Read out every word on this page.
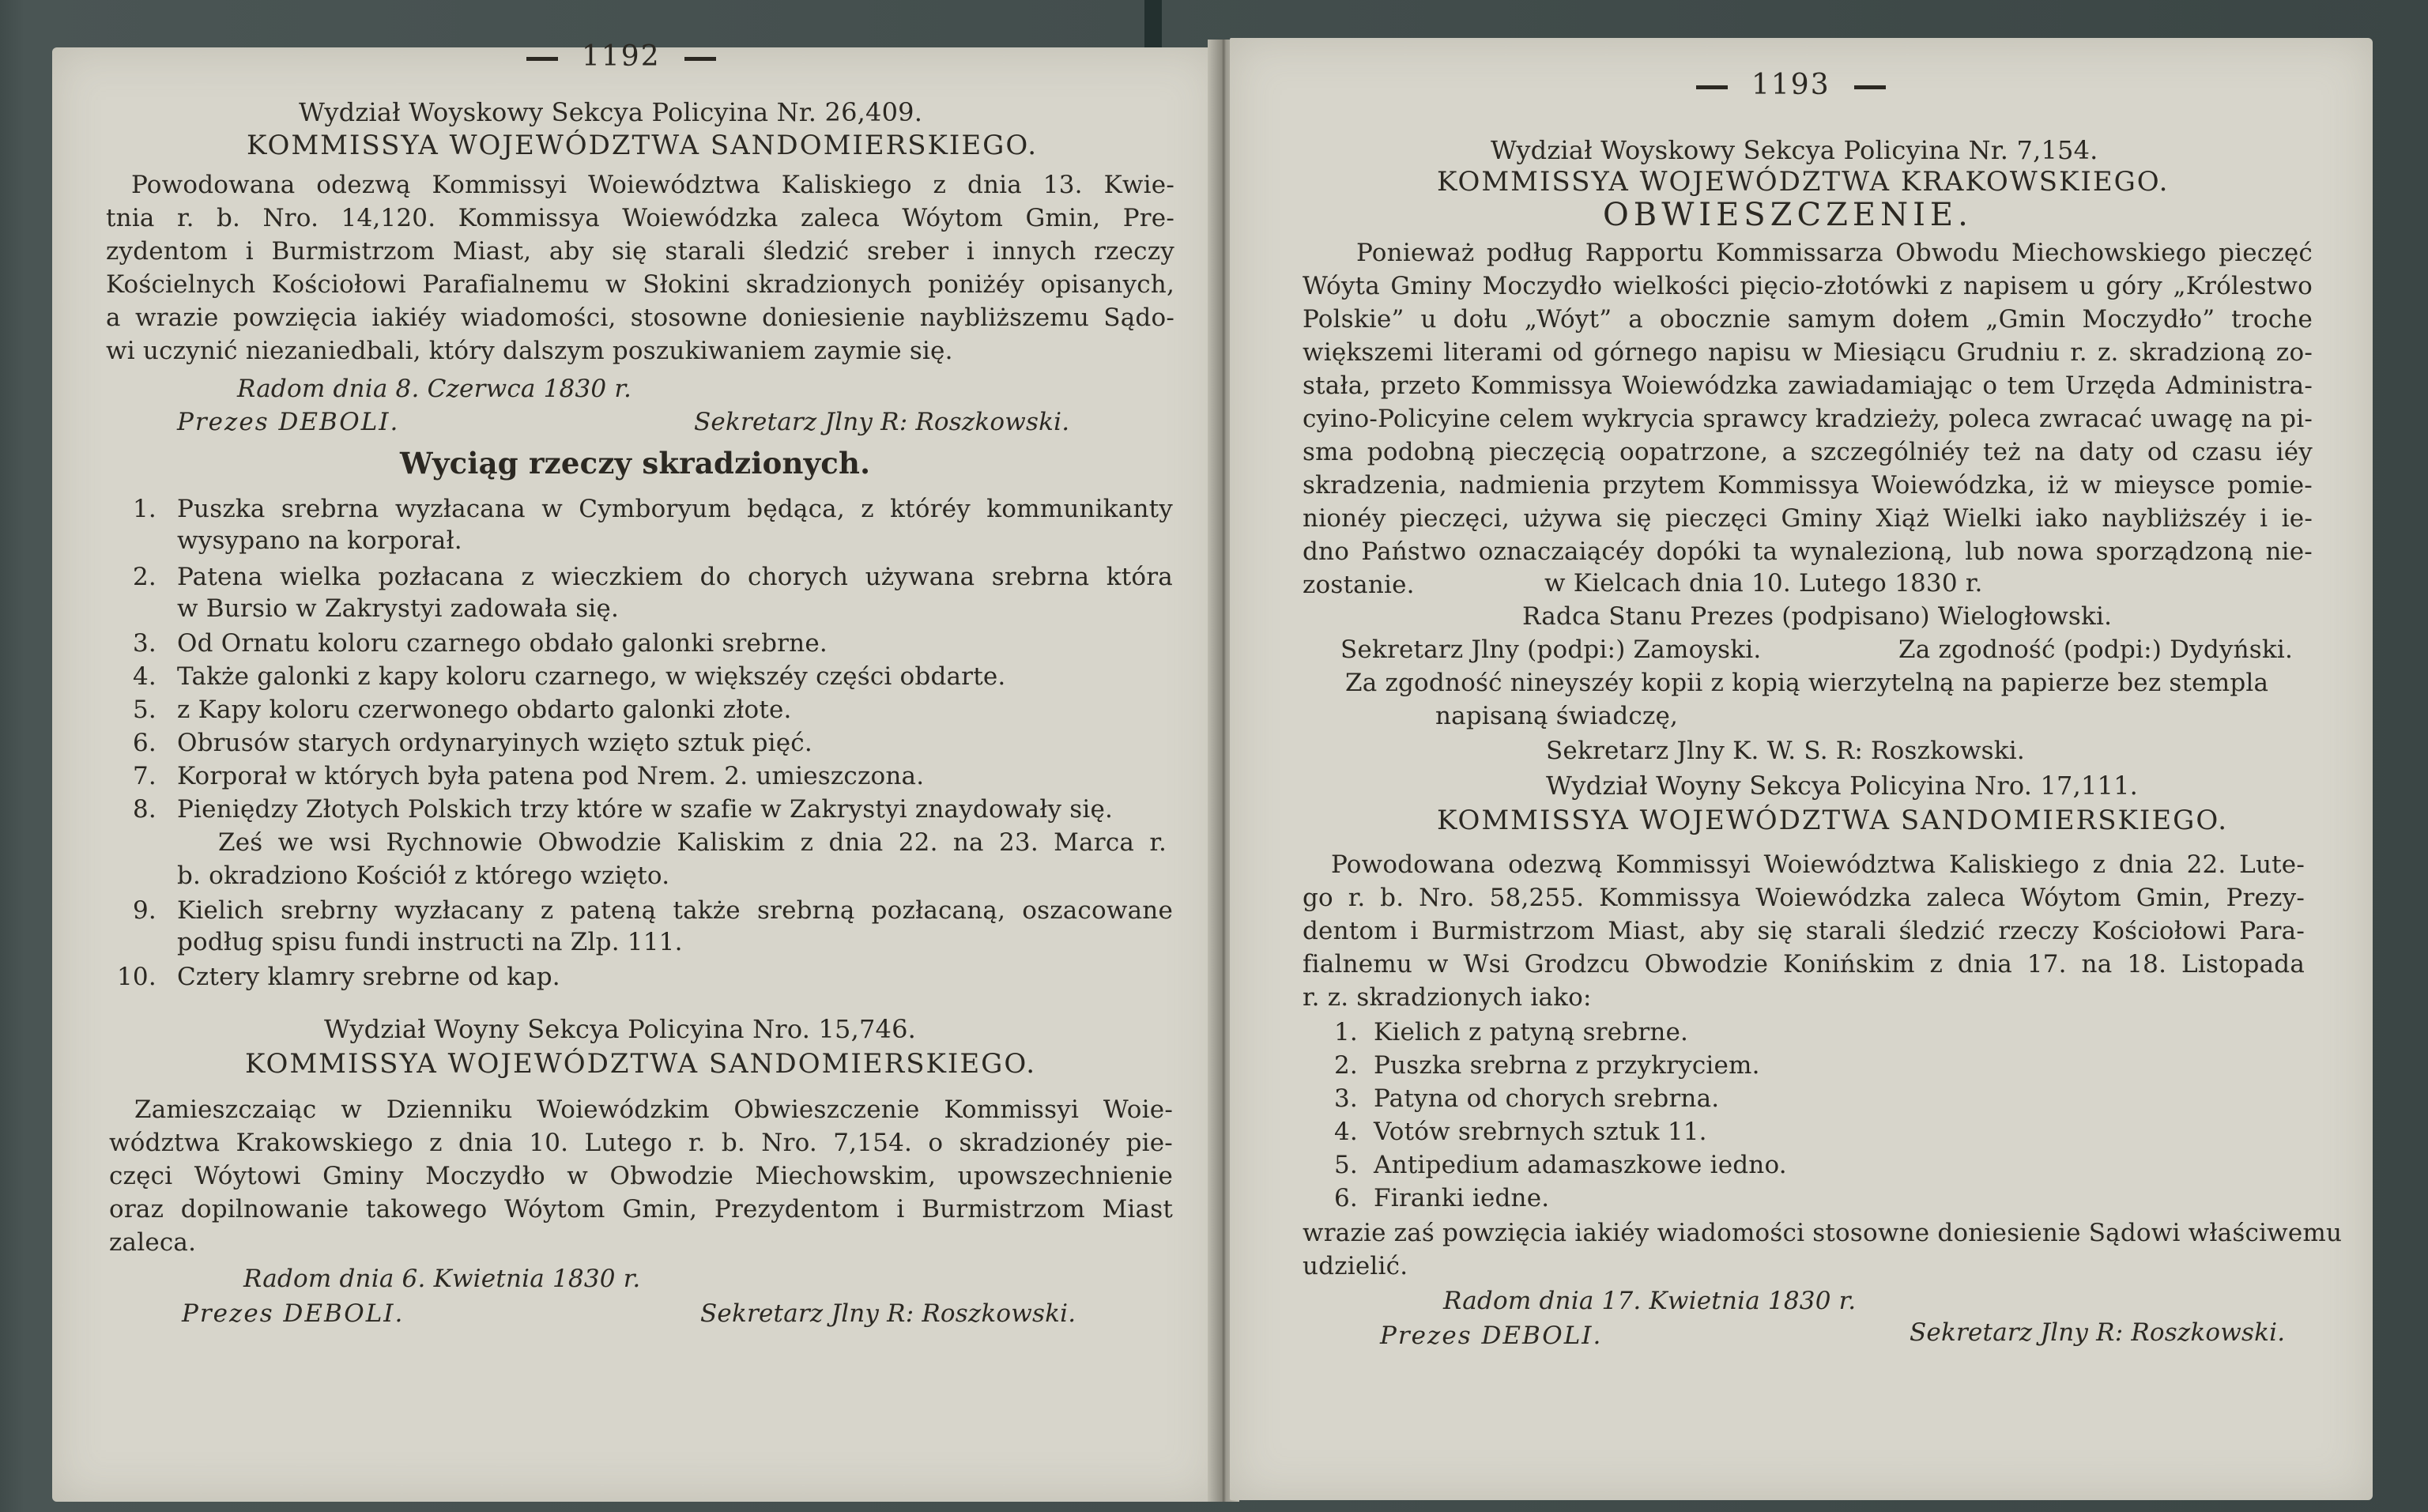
1192
Wydział Woyskowy Sekcya Policyina Nr. 26,409.
KOMMISSYA WOJEWÓDZTWA SANDOMIERSKIEGO.
Powodowana odezwą Kommissyi Woiewództwa Kaliskiego z dnia 13. Kwie-
tnia r. b. Nro. 14,120. Kommissya Woiewódzka zaleca Wóytom Gmin, Pre-
zydentom i Burmistrzom Miast, aby się starali śledzić sreber i innych rzeczy
Kościelnych Kościołowi Parafialnemu w Słokini skradzionych poniżéy opisanych,
a wrazie powzięcia iakiéy wiadomości, stosowne doniesienie naybliższemu Sądo-
wi uczynić niezaniedbali, który dalszym poszukiwaniem zaymie się.
Radom dnia 8. Czerwca 1830 r.
Prezes DEBOLI.	Sekretarz Jlny R: Roszkowski.
Wyciąg rzeczy skradzionych.
1. Puszka srebrna wyzłacana w Cymboryum będąca, z któréy kommunikanty
wysypano na korporał.
2. Patena wielka pozłacana z wieczkiem do chorych używana srebrna która
w Bursio w Zakrystyi zadowała się.
3. Od Ornatu koloru czarnego obdało galonki srebrne.
4. Także galonki z kapy koloru czarnego, w większéy części obdarte.
5. z Kapy koloru czerwonego obdarto galonki złote.
6. Obrusów starych ordynaryinych wzięto sztuk pięć.
7. Korporał w których była patena pod Nrem. 2. umieszczona.
8. Pieniędzy Złotych Polskich trzy które w szafie w Zakrystyi znaydowały się.
Ześ we wsi Rychnowie Obwodzie Kaliskim z dnia 22. na 23. Marca r.
b. okradziono Kościół z którego wzięto.
9. Kielich srebrny wyzłacany z pateną także srebrną pozłacaną, oszacowane
podług spisu fundi instructi na Zlp. 111.
10. Cztery klamry srebrne od kap.
Wydział Woyny Sekcya Policyina Nro. 15,746.
KOMMISSYA WOJEWÓDZTWA SANDOMIERSKIEGO.
Zamieszczaiąc w Dzienniku Woiewódzkim Obwieszczenie Kommissyi Woie-
wództwa Krakowskiego z dnia 10. Lutego r. b. Nro. 7,154. o skradzionéy pie-
częci Wóytowi Gminy Moczydło w Obwodzie Miechowskim, upowszechnienie
oraz dopilnowanie takowego Wóytom Gmin, Prezydentom i Burmistrzom Miast
zaleca.
Radom dnia 6. Kwietnia 1830 r.
Prezes DEBOLI.	Sekretarz Jlny R: Roszkowski.
1193
Wydział Woyskowy Sekcya Policyina Nr. 7,154.
KOMMISSYA WOJEWÓDZTWA KRAKOWSKIEGO.
OBWIESZCZENIE.
Ponieważ podług Rapportu Kommissarza Obwodu Miechowskiego pieczęć
Wóyta Gminy Moczydło wielkości pięcio-złotówki z napisem u góry „Królestwo
Polskie” u dołu „Wóyt” a obocznie samym dołem „Gmin Moczydło” troche
większemi literami od górnego napisu w Miesiącu Grudniu r. z. skradzioną zo-
stała, przeto Kommissya Woiewódzka zawiadamiając o tem Urzęda Administra-
cyino-Policyine celem wykrycia sprawcy kradzieży, poleca zwracać uwagę na pi-
sma podobną pieczęcią oopatrzone, a szczególniéy też na daty od czasu iéy
skradzenia, nadmienia przytem Kommissya Woiewódzka, iż w mieysce pomie-
nionéy pieczęci, używa się pieczęci Gminy Xiąż Wielki iako naybliższéy i ie-
dno Państwo oznaczaiącéy dopóki ta wynalezioną, lub nowa sporządzoną nie-
zostanie.	w Kielcach dnia 10. Lutego 1830 r.
Radca Stanu Prezes (podpisano) Wielogłowski.
Sekretarz Jlny (podpi:) Zamoyski.	Za zgodność (podpi:) Dydyński.
Za zgodność nineyszéy kopii z kopią wierzytelną na papierze bez stempla
napisaną świadczę,
Sekretarz Jlny K. W. S. R: Roszkowski.
Wydział Woyny Sekcya Policyina Nro. 17,111.
KOMMISSYA WOJEWÓDZTWA SANDOMIERSKIEGO.
Powodowana odezwą Kommissyi Woiewództwa Kaliskiego z dnia 22. Lute-
go r. b. Nro. 58,255. Kommissya Woiewódzka zaleca Wóytom Gmin, Prezy-
dentom i Burmistrzom Miast, aby się starali śledzić rzeczy Kościołowi Para-
fialnemu w Wsi Grodzcu Obwodzie Konińskim z dnia 17. na 18. Listopada
r. z. skradzionych iako:
1. Kielich z patyną srebrne.
2. Puszka srebrna z przykryciem.
3. Patyna od chorych srebrna.
4. Votów srebrnych sztuk 11.
5. Antipedium adamaszkowe iedno.
6. Firanki iedne.
wrazie zaś powzięcia iakiéy wiadomości stosowne doniesienie Sądowi właściwemu
udzielić.
Radom dnia 17. Kwietnia 1830 r.
Prezes DEBOLI.	Sekretarz Jlny R: Roszkowski.
